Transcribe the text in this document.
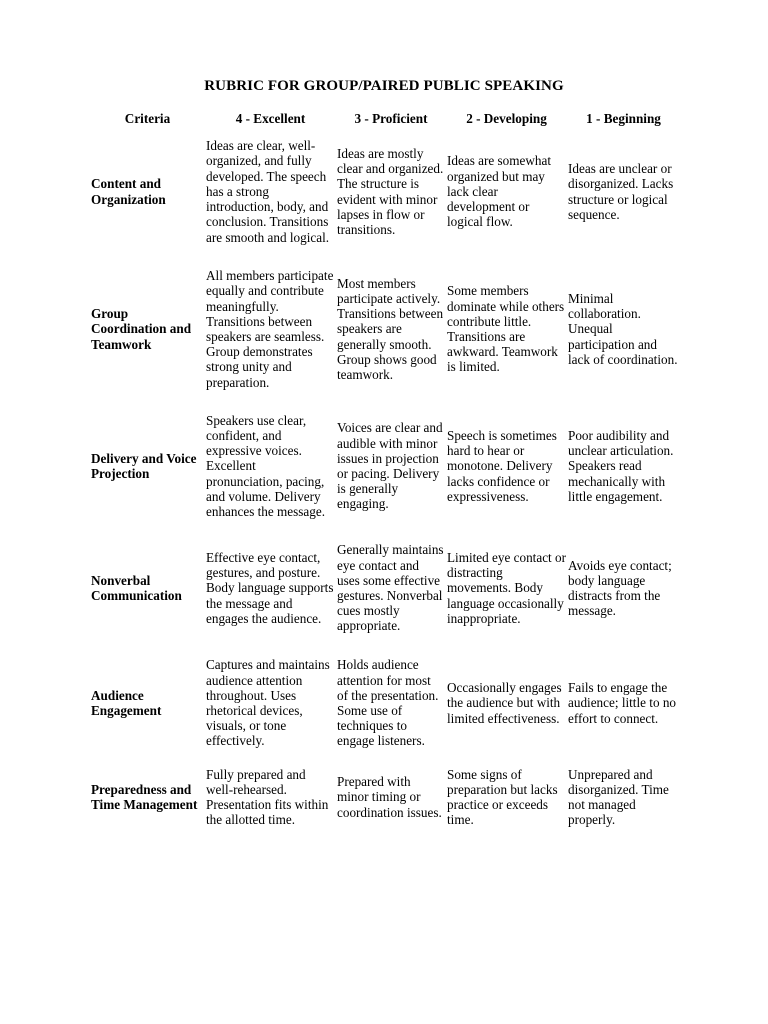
RUBRIC FOR GROUP/PAIRED PUBLIC SPEAKING
Criteria	4 - Excellent	3 - Proficient	2 - Developing	1 - Beginning
Content and Organization	Ideas are clear, well-organized, and fully developed. The speech has a strong introduction, body, and conclusion. Transitions are smooth and logical.	Ideas are mostly clear and organized. The structure is evident with minor lapses in flow or transitions.	Ideas are somewhat organized but may lack clear development or logical flow.	Ideas are unclear or disorganized. Lacks structure or logical sequence.
Group Coordination and Teamwork	All members participate equally and contribute meaningfully. Transitions between speakers are seamless. Group demonstrates strong unity and preparation.	Most members participate actively. Transitions between speakers are generally smooth. Group shows good teamwork.	Some members dominate while others contribute little. Transitions are awkward. Teamwork is limited.	Minimal collaboration. Unequal participation and lack of coordination.
Delivery and Voice Projection	Speakers use clear, confident, and expressive voices. Excellent pronunciation, pacing, and volume. Delivery enhances the message.	Voices are clear and audible with minor issues in projection or pacing. Delivery is generally engaging.	Speech is sometimes hard to hear or monotone. Delivery lacks confidence or expressiveness.	Poor audibility and unclear articulation. Speakers read mechanically with little engagement.
Nonverbal Communication	Effective eye contact, gestures, and posture. Body language supports the message and engages the audience.	Generally maintains eye contact and uses some effective gestures. Nonverbal cues mostly appropriate.	Limited eye contact or distracting movements. Body language occasionally inappropriate.	Avoids eye contact; body language distracts from the message.
Audience Engagement	Captures and maintains audience attention throughout. Uses rhetorical devices, visuals, or tone effectively.	Holds audience attention for most of the presentation. Some use of techniques to engage listeners.	Occasionally engages the audience but with limited effectiveness.	Fails to engage the audience; little to no effort to connect.
Preparedness and Time Management	Fully prepared and well-rehearsed. Presentation fits within the allotted time.	Prepared with minor timing or coordination issues.	Some signs of preparation but lacks practice or exceeds time.	Unprepared and disorganized. Time not managed properly.
